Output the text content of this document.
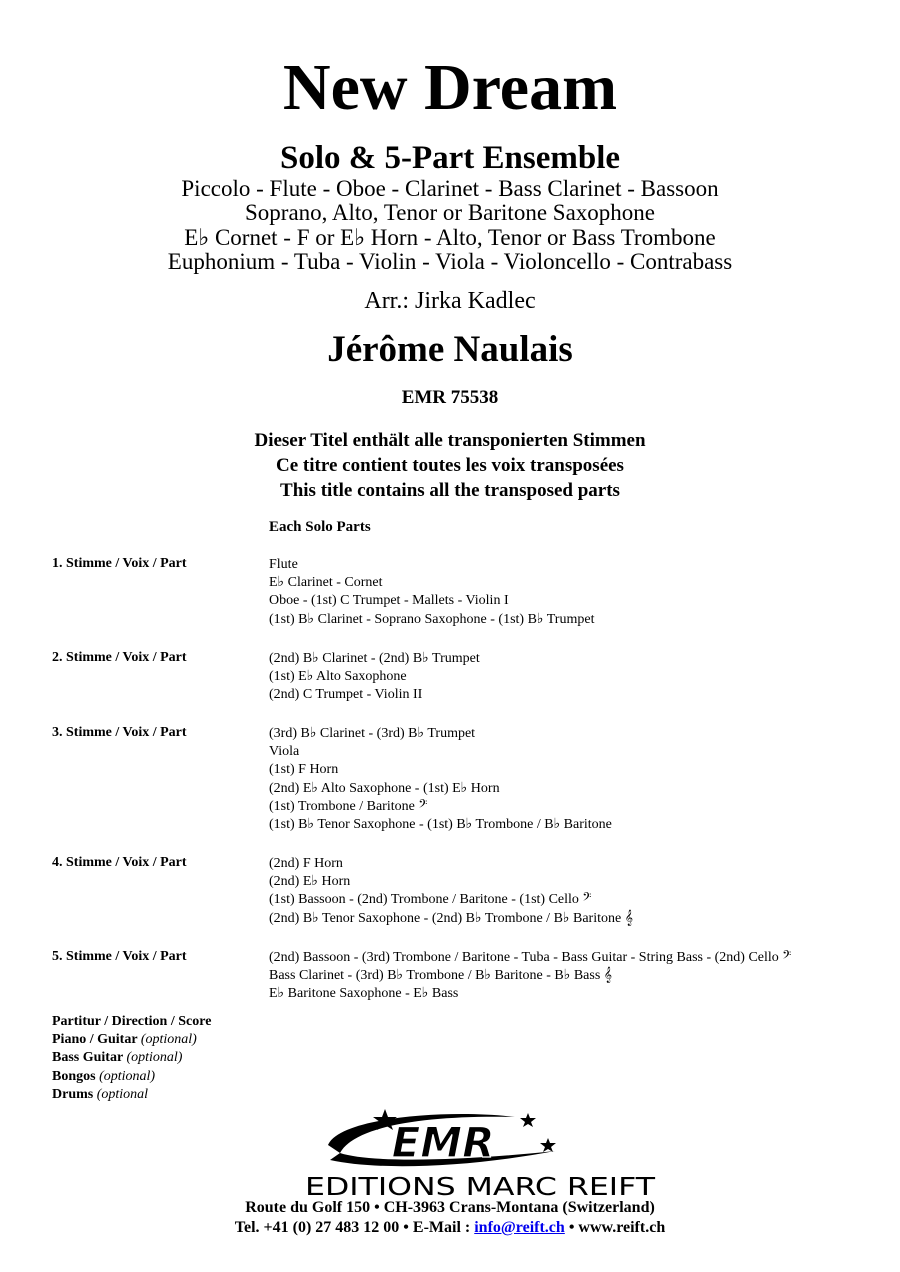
New Dream
Solo & 5-Part Ensemble
Piccolo - Flute - Oboe - Clarinet - Bass Clarinet - Bassoon
Soprano, Alto, Tenor or Baritone Saxophone
E♭ Cornet - F or E♭ Horn - Alto, Tenor or Bass Trombone
Euphonium - Tuba - Violin - Viola - Violoncello - Contrabass
Arr.: Jirka Kadlec
Jérôme Naulais
EMR 75538
Dieser Titel enthält alle transponierten Stimmen
Ce titre contient toutes les voix transposées
This title contains all the transposed parts
Each Solo Parts
1. Stimme / Voix / Part	Flute
E♭ Clarinet - Cornet
Oboe - (1st) C Trumpet - Mallets - Violin I
(1st) B♭ Clarinet - Soprano Saxophone - (1st) B♭ Trumpet
2. Stimme / Voix / Part	(2nd) B♭ Clarinet - (2nd) B♭ Trumpet
(1st) E♭ Alto Saxophone
(2nd) C Trumpet - Violin II
3. Stimme / Voix / Part	(3rd) B♭ Clarinet - (3rd) B♭ Trumpet
Viola
(1st) F Horn
(2nd) E♭ Alto Saxophone - (1st) E♭ Horn
(1st) Trombone / Baritone 𝄢
(1st) B♭ Tenor Saxophone - (1st) B♭ Trombone / B♭ Baritone
4. Stimme / Voix / Part	(2nd) F Horn
(2nd) E♭ Horn
(1st) Bassoon - (2nd) Trombone / Baritone - (1st) Cello 𝄢
(2nd) B♭ Tenor Saxophone - (2nd) B♭ Trombone / B♭ Baritone 𝄞
5. Stimme / Voix / Part	(2nd) Bassoon - (3rd) Trombone / Baritone - Tuba - Bass Guitar - String Bass - (2nd) Cello 𝄢
Bass Clarinet - (3rd) B♭ Trombone / B♭ Baritone - B♭ Bass 𝄞
E♭ Baritone Saxophone - E♭ Bass
Partitur / Direction / Score
Piano / Guitar (optional)
Bass Guitar (optional)
Bongos (optional)
Drums (optional
EMR
EDITIONS MARC REIFT
Route du Golf 150 • CH-3963 Crans-Montana (Switzerland)
Tel. +41 (0) 27 483 12 00 • E-Mail : info@reift.ch • www.reift.ch
